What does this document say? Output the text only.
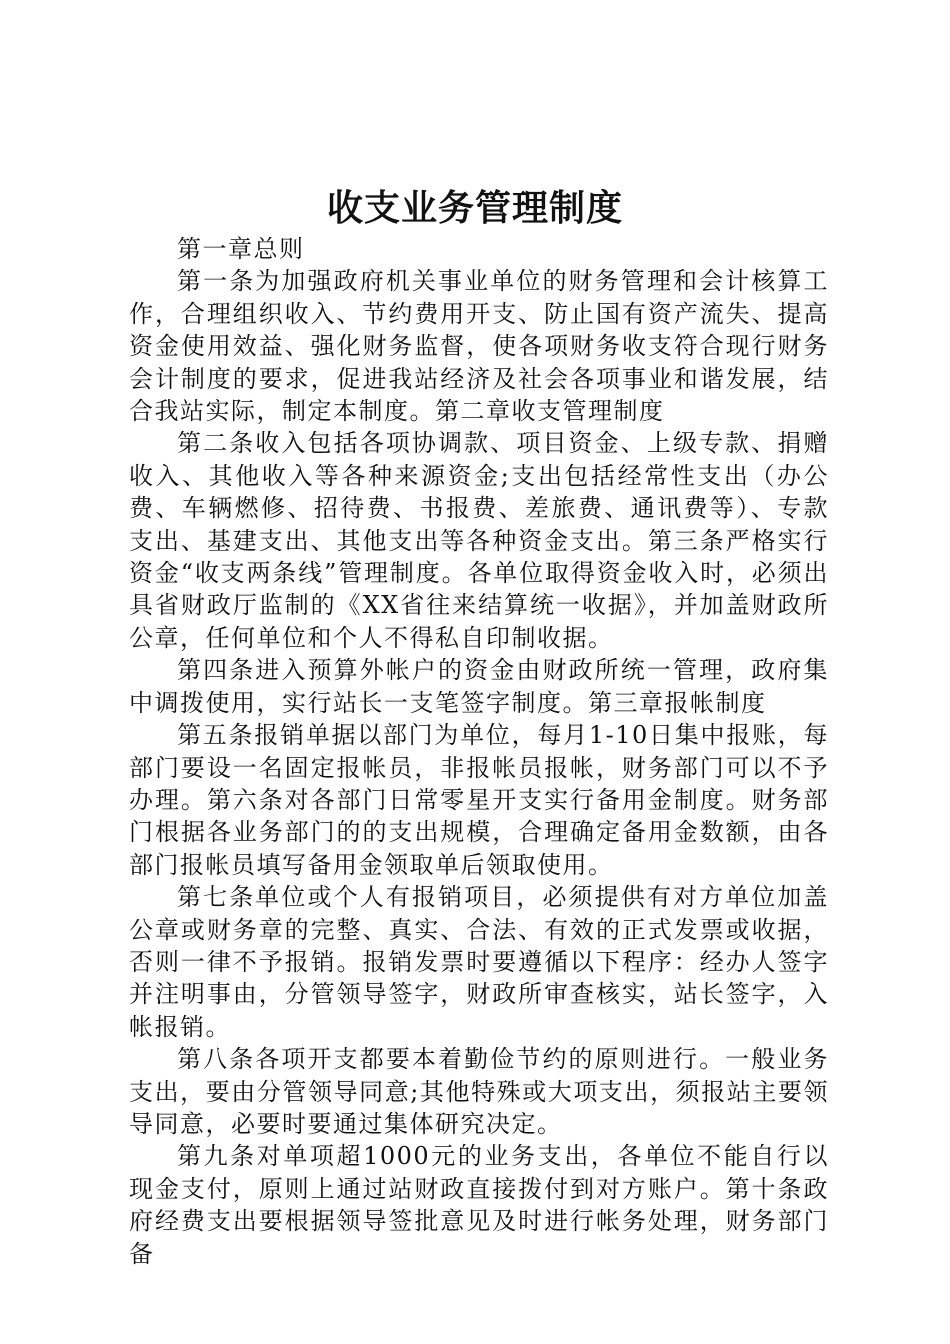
收支业务管理制度

第一章总则

第一条为加强政府机关事业单位的财务管理和会计核算工作，合理组织收入、节约费用开支、防止国有资产流失、提高资金使用效益、强化财务监督，使各项财务收支符合现行财务会计制度的要求，促进我站经济及社会各项事业和谐发展，结合我站实际，制定本制度。第二章收支管理制度

第二条收入包括各项协调款、项目资金、上级专款、捐赠收入、其他收入等各种来源资金;支出包括经常性支出（办公费、车辆燃修、招待费、书报费、差旅费、通讯费等）、专款支出、基建支出、其他支出等各种资金支出。第三条严格实行资金“收支两条线”管理制度。各单位取得资金收入时，必须出具省财政厅监制的《XX省往来结算统一收据》，并加盖财政所公章，任何单位和个人不得私自印制收据。

第四条进入预算外帐户的资金由财政所统一管理，政府集中调拨使用，实行站长一支笔签字制度。第三章报帐制度

第五条报销单据以部门为单位，每月1-10日集中报账，每部门要设一名固定报帐员，非报帐员报帐，财务部门可以不予办理。第六条对各部门日常零星开支实行备用金制度。财务部门根据各业务部门的的支出规模，合理确定备用金数额，由各部门报帐员填写备用金领取单后领取使用。

第七条单位或个人有报销项目，必须提供有对方单位加盖公章或财务章的完整、真实、合法、有效的正式发票或收据，否则一律不予报销。报销发票时要遵循以下程序：经办人签字并注明事由，分管领导签字，财政所审查核实，站长签字，入帐报销。

第八条各项开支都要本着勤俭节约的原则进行。一般业务支出，要由分管领导同意;其他特殊或大项支出，须报站主要领导同意，必要时要通过集体研究决定。

第九条对单项超1000元的业务支出，各单位不能自行以现金支付，原则上通过站财政直接拨付到对方账户。第十条政府经费支出要根据领导签批意见及时进行帐务处理，财务部门备
